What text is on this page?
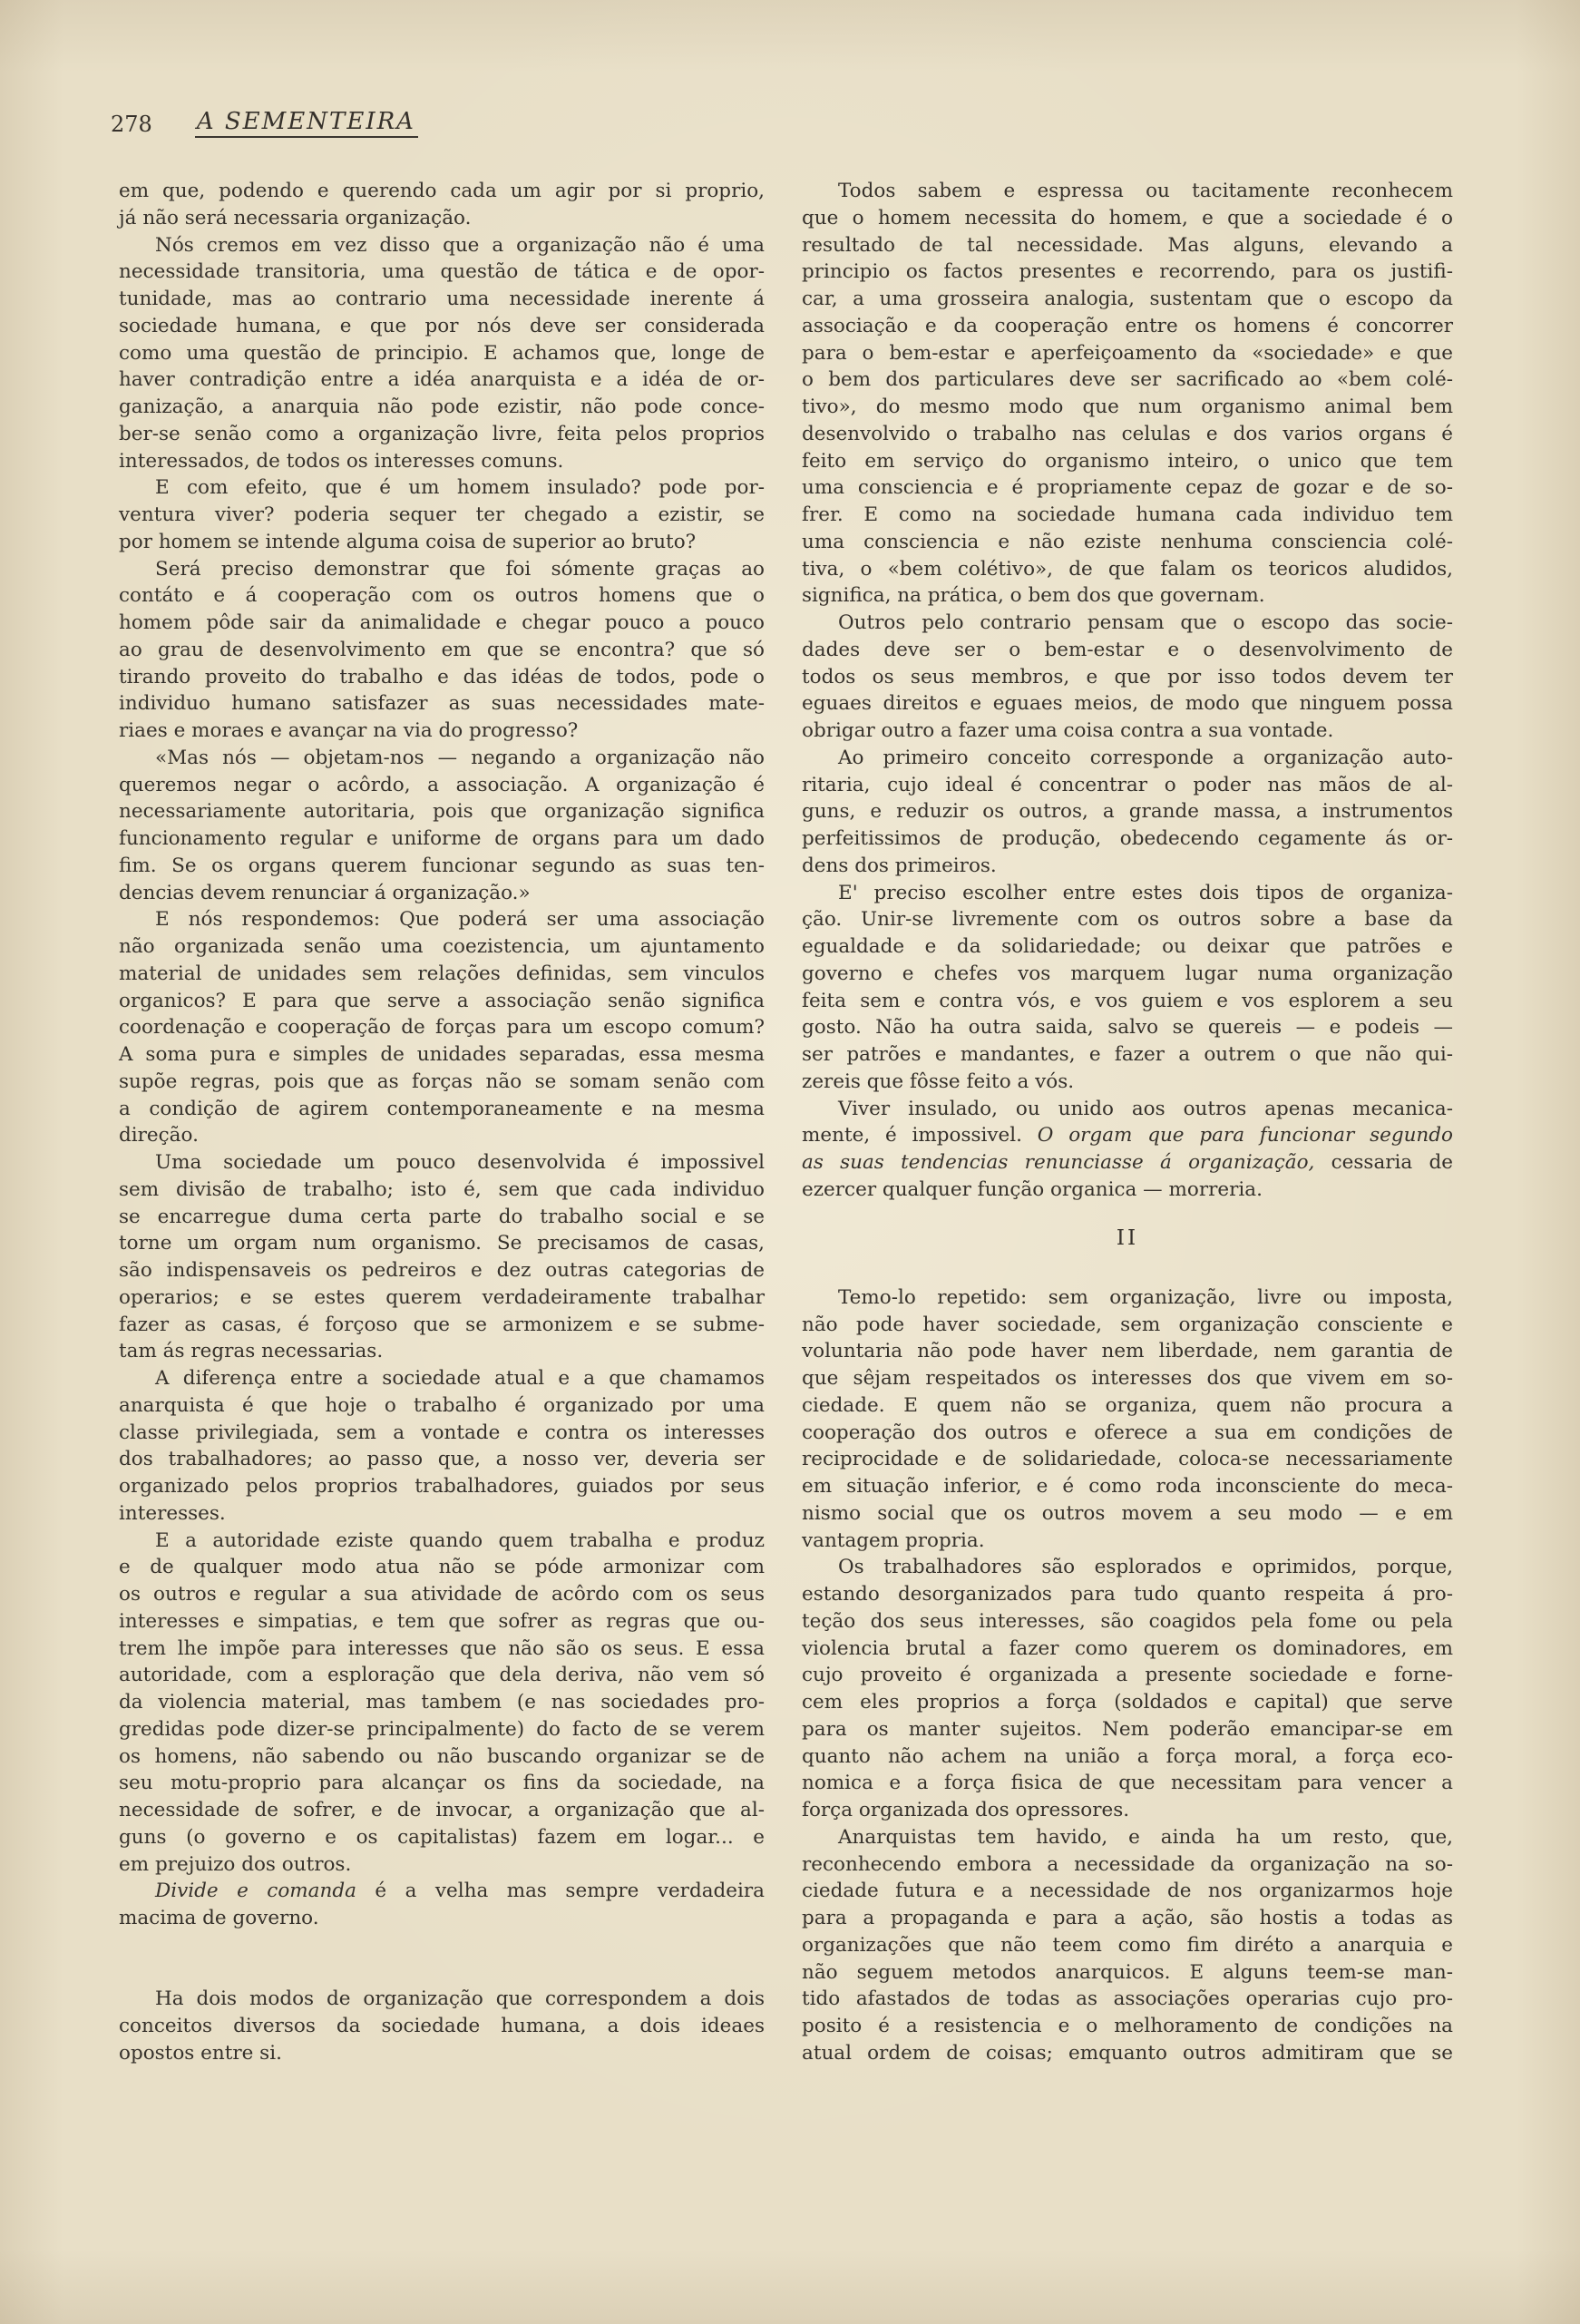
278 A SEMENTEIRA
em que, podendo e querendo cada um agir por si proprio,
já não será necessaria organização.
Nós cremos em vez disso que a organização não é uma
necessidade transitoria, uma questão de tática e de opor-
tunidade, mas ao contrario uma necessidade inerente á
sociedade humana, e que por nós deve ser considerada
como uma questão de principio. E achamos que, longe de
haver contradição entre a idéa anarquista e a idéa de or-
ganização, a anarquia não pode ezistir, não pode conce-
ber-se senão como a organização livre, feita pelos proprios
interessados, de todos os interesses comuns.
E com efeito, que é um homem insulado? pode por-
ventura viver? poderia sequer ter chegado a ezistir, se
por homem se intende alguma coisa de superior ao bruto?
Será preciso demonstrar que foi sómente graças ao
contáto e á cooperação com os outros homens que o
homem pôde sair da animalidade e chegar pouco a pouco
ao grau de desenvolvimento em que se encontra? que só
tirando proveito do trabalho e das idéas de todos, pode o
individuo humano satisfazer as suas necessidades mate-
riaes e moraes e avançar na via do progresso?
«Mas nós — objetam-nos — negando a organização não
queremos negar o acôrdo, a associação. A organização é
necessariamente autoritaria, pois que organização significa
funcionamento regular e uniforme de organs para um dado
fim. Se os organs querem funcionar segundo as suas ten-
dencias devem renunciar á organização.»
E nós respondemos: Que poderá ser uma associação
não organizada senão uma coezistencia, um ajuntamento
material de unidades sem relações definidas, sem vinculos
organicos? E para que serve a associação senão significa
coordenação e cooperação de forças para um escopo comum?
A soma pura e simples de unidades separadas, essa mesma
supõe regras, pois que as forças não se somam senão com
a condição de agirem contemporaneamente e na mesma
direção.
Uma sociedade um pouco desenvolvida é impossivel
sem divisão de trabalho; isto é, sem que cada individuo
se encarregue duma certa parte do trabalho social e se
torne um orgam num organismo. Se precisamos de casas,
são indispensaveis os pedreiros e dez outras categorias de
operarios; e se estes querem verdadeiramente trabalhar
fazer as casas, é forçoso que se armonizem e se subme-
tam ás regras necessarias.
A diferença entre a sociedade atual e a que chamamos
anarquista é que hoje o trabalho é organizado por uma
classe privilegiada, sem a vontade e contra os interesses
dos trabalhadores; ao passo que, a nosso ver, deveria ser
organizado pelos proprios trabalhadores, guiados por seus
interesses.
E a autoridade eziste quando quem trabalha e produz
e de qualquer modo atua não se póde armonizar com
os outros e regular a sua atividade de acôrdo com os seus
interesses e simpatias, e tem que sofrer as regras que ou-
trem lhe impõe para interesses que não são os seus. E essa
autoridade, com a esploração que dela deriva, não vem só
da violencia material, mas tambem (e nas sociedades pro-
gredidas pode dizer-se principalmente) do facto de se verem
os homens, não sabendo ou não buscando organizar se de
seu motu-proprio para alcançar os fins da sociedade, na
necessidade de sofrer, e de invocar, a organização que al-
guns (o governo e os capitalistas) fazem em logar... e
em prejuizo dos outros.
Divide e comanda é a velha mas sempre verdadeira
macima de governo.
Ha dois modos de organização que correspondem a dois
conceitos diversos da sociedade humana, a dois ideaes
opostos entre si.
Todos sabem e espressa ou tacitamente reconhecem
que o homem necessita do homem, e que a sociedade é o
resultado de tal necessidade. Mas alguns, elevando a
principio os factos presentes e recorrendo, para os justifi-
car, a uma grosseira analogia, sustentam que o escopo da
associação e da cooperação entre os homens é concorrer
para o bem-estar e aperfeiçoamento da «sociedade» e que
o bem dos particulares deve ser sacrificado ao «bem colé-
tivo», do mesmo modo que num organismo animal bem
desenvolvido o trabalho nas celulas e dos varios organs é
feito em serviço do organismo inteiro, o unico que tem
uma consciencia e é propriamente cepaz de gozar e de so-
frer. E como na sociedade humana cada individuo tem
uma consciencia e não eziste nenhuma consciencia colé-
tiva, o «bem colétivo», de que falam os teoricos aludidos,
significa, na prática, o bem dos que governam.
Outros pelo contrario pensam que o escopo das socie-
dades deve ser o bem-estar e o desenvolvimento de
todos os seus membros, e que por isso todos devem ter
eguaes direitos e eguaes meios, de modo que ninguem possa
obrigar outro a fazer uma coisa contra a sua vontade.
Ao primeiro conceito corresponde a organização auto-
ritaria, cujo ideal é concentrar o poder nas mãos de al-
guns, e reduzir os outros, a grande massa, a instrumentos
perfeitissimos de produção, obedecendo cegamente ás or-
dens dos primeiros.
E' preciso escolher entre estes dois tipos de organiza-
ção. Unir-se livremente com os outros sobre a base da
egualdade e da solidariedade; ou deixar que patrões e
governo e chefes vos marquem lugar numa organização
feita sem e contra vós, e vos guiem e vos esplorem a seu
gosto. Não ha outra saida, salvo se quereis — e podeis —
ser patrões e mandantes, e fazer a outrem o que não qui-
zereis que fôsse feito a vós.
Viver insulado, ou unido aos outros apenas mecanica-
mente, é impossivel. O orgam que para funcionar segundo
as suas tendencias renunciasse á organização, cessaria de
ezercer qualquer função organica — morreria.
II
Temo-lo repetido: sem organização, livre ou imposta,
não pode haver sociedade, sem organização consciente e
voluntaria não pode haver nem liberdade, nem garantia de
que sêjam respeitados os interesses dos que vivem em so-
ciedade. E quem não se organiza, quem não procura a
cooperação dos outros e oferece a sua em condições de
reciprocidade e de solidariedade, coloca-se necessariamente
em situação inferior, e é como roda inconsciente do meca-
nismo social que os outros movem a seu modo — e em
vantagem propria.
Os trabalhadores são esplorados e oprimidos, porque,
estando desorganizados para tudo quanto respeita á pro-
teção dos seus interesses, são coagidos pela fome ou pela
violencia brutal a fazer como querem os dominadores, em
cujo proveito é organizada a presente sociedade e forne-
cem eles proprios a força (soldados e capital) que serve
para os manter sujeitos. Nem poderão emancipar-se em
quanto não achem na união a força moral, a força eco-
nomica e a força fisica de que necessitam para vencer a
força organizada dos opressores.
Anarquistas tem havido, e ainda ha um resto, que,
reconhecendo embora a necessidade da organização na so-
ciedade futura e a necessidade de nos organizarmos hoje
para a propaganda e para a ação, são hostis a todas as
organizações que não teem como fim diréto a anarquia e
não seguem metodos anarquicos. E alguns teem-se man-
tido afastados de todas as associações operarias cujo pro-
posito é a resistencia e o melhoramento de condições na
atual ordem de coisas; emquanto outros admitiram que se
